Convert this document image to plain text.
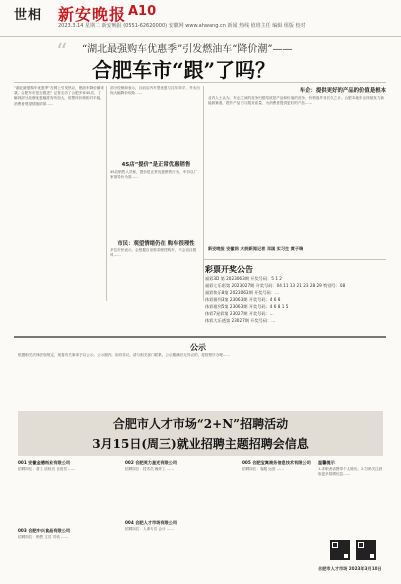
世相 新安晚报 A10
2023.3.14 星期二 新安晚报 (0551-62620000) 安徽网 www.ahwang.cn 新闻 热线 值班主任 编辑 组版 校对
“ “湖北最强购车优惠季”引发燃油车“降价潮”——
合肥车市“跟”了吗？
“湖北最强购车优惠季”在网上引发热议，燃油车降价潮来袭。合肥车市是否跟进？记者走访了合肥多家4S店，了解到部分品牌优惠幅度有所加大，但整体价格相对平稳，消费者观望情绪浓厚……
部分经销商表示，目前店内车型优惠与往年持平，并未出现大幅降价现象……
4S店“提价”是正常优惠销售
4S店销售人员称，提价是正常优惠销售行为，车价以厂家指导价为准……
市民：观望情绪仍在 购车很理性
多位市民表示，会根据自身需求理性购车，不会盲目跟风……
车企：提供更好的产品的价值是根本
业内人士认为，车企之间的竞争归根结底是产品和价值的竞争，价格战并非长久之计。合肥本地车企持续发力新能源赛道，提升产品力与服务质量，为消费者提供更好的产品……
新安晚报 安徽网 大皖新闻记者 邓国 实习生 黄子瑞
彩票开奖公告
福彩3D 第 2023063期 开奖号码：5 1 2
福彩七乐彩第 2023027期 开奖号码：04 11 13 21 23 28 29 特别号：08
福彩快乐8第 2023063期 开奖号码：...
体彩排列3第 23063期 开奖号码：4 6 8
体彩排列5第 23063期 开奖号码：4 6 8 1 5
体彩7星彩第 23027期 开奖号码：...
体彩大乐透第 23027期 开奖号码：...
公示
根据相关法律法规规定，现将有关事项予以公示。公示期内，如有异议，请与相关部门联系。公示期满后无异议的，将按程序办理……
合肥市人才市场“2+N”招聘活动
3月15日(周三)就业招聘主题招聘会信息
001 安徽金德纸业有限公司
招聘岗位：普工 质检员 仓管员 ……
003 合肥中兴食品有限公司
招聘岗位：销售 文员 司机 ……
002 合肥英力星光有限公司
招聘岗位：技术员 操作工 ……
004 合肥人才市场有限公司
招聘岗位：人事专员 会计 ……
005 合肥宝寓商务信息技术有限公司
招聘岗位：客服 运营 ……
温馨提示
1.求职者请携带个人简历。2.扫码关注获取更多招聘信息……
合肥市人才市场 2023年3月10日
